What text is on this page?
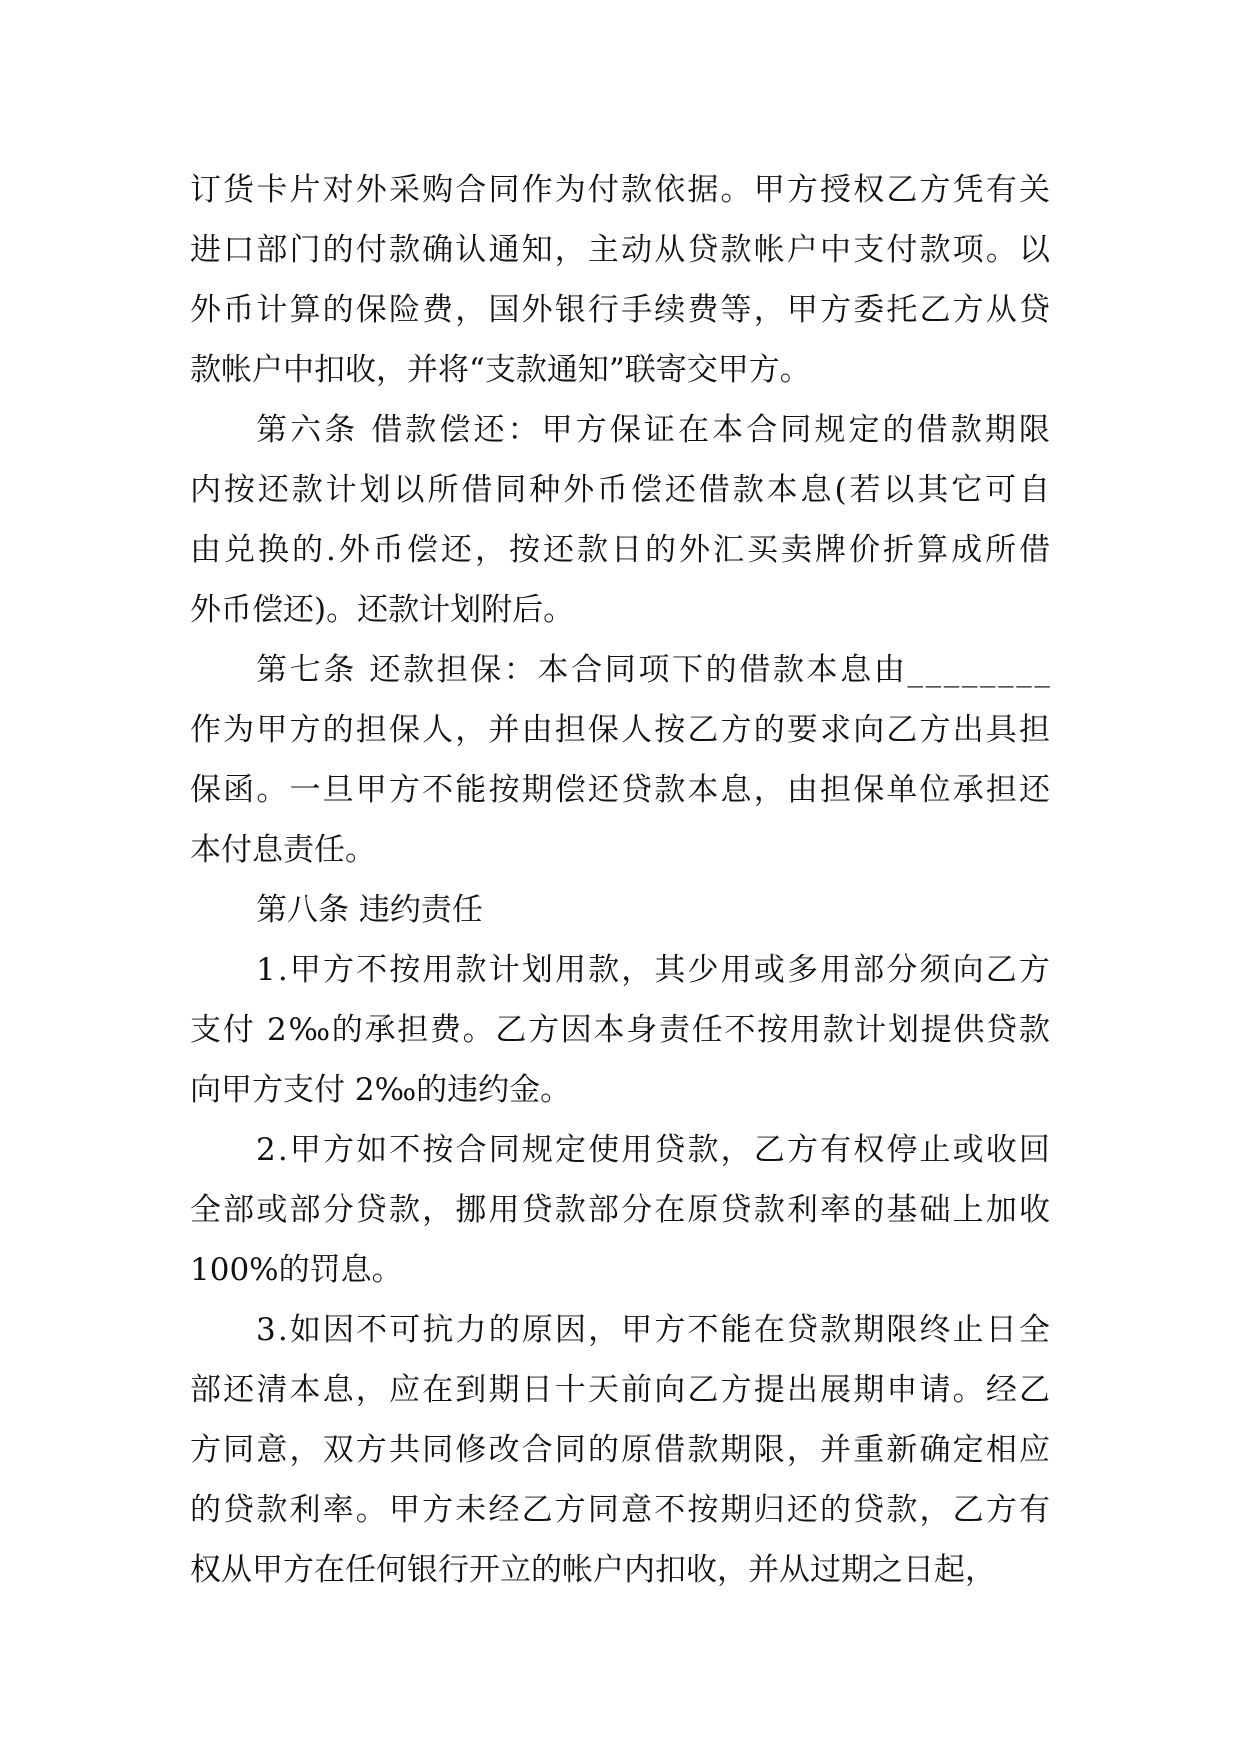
订货卡片对外采购合同作为付款依据。甲方授权乙方凭有关
进口部门的付款确认通知，主动从贷款帐户中支付款项。以
外币计算的保险费，国外银行手续费等，甲方委托乙方从贷
款帐户中扣收，并将“支款通知”联寄交甲方。
第六条 借款偿还：甲方保证在本合同规定的借款期限
内按还款计划以所借同种外币偿还借款本息(若以其它可自
由兑换的.外币偿还，按还款日的外汇买卖牌价折算成所借
外币偿还)。还款计划附后。
第七条 还款担保：本合同项下的借款本息由________
作为甲方的担保人，并由担保人按乙方的要求向乙方出具担
保函。一旦甲方不能按期偿还贷款本息，由担保单位承担还
本付息责任。
第八条 违约责任
1.甲方不按用款计划用款，其少用或多用部分须向乙方
支付 2‰的承担费。乙方因本身责任不按用款计划提供贷款
向甲方支付 2‰的违约金。
2.甲方如不按合同规定使用贷款，乙方有权停止或收回
全部或部分贷款，挪用贷款部分在原贷款利率的基础上加收
100%的罚息。
3.如因不可抗力的原因，甲方不能在贷款期限终止日全
部还清本息，应在到期日十天前向乙方提出展期申请。经乙
方同意，双方共同修改合同的原借款期限，并重新确定相应
的贷款利率。甲方未经乙方同意不按期归还的贷款，乙方有
权从甲方在任何银行开立的帐户内扣收，并从过期之日起，
